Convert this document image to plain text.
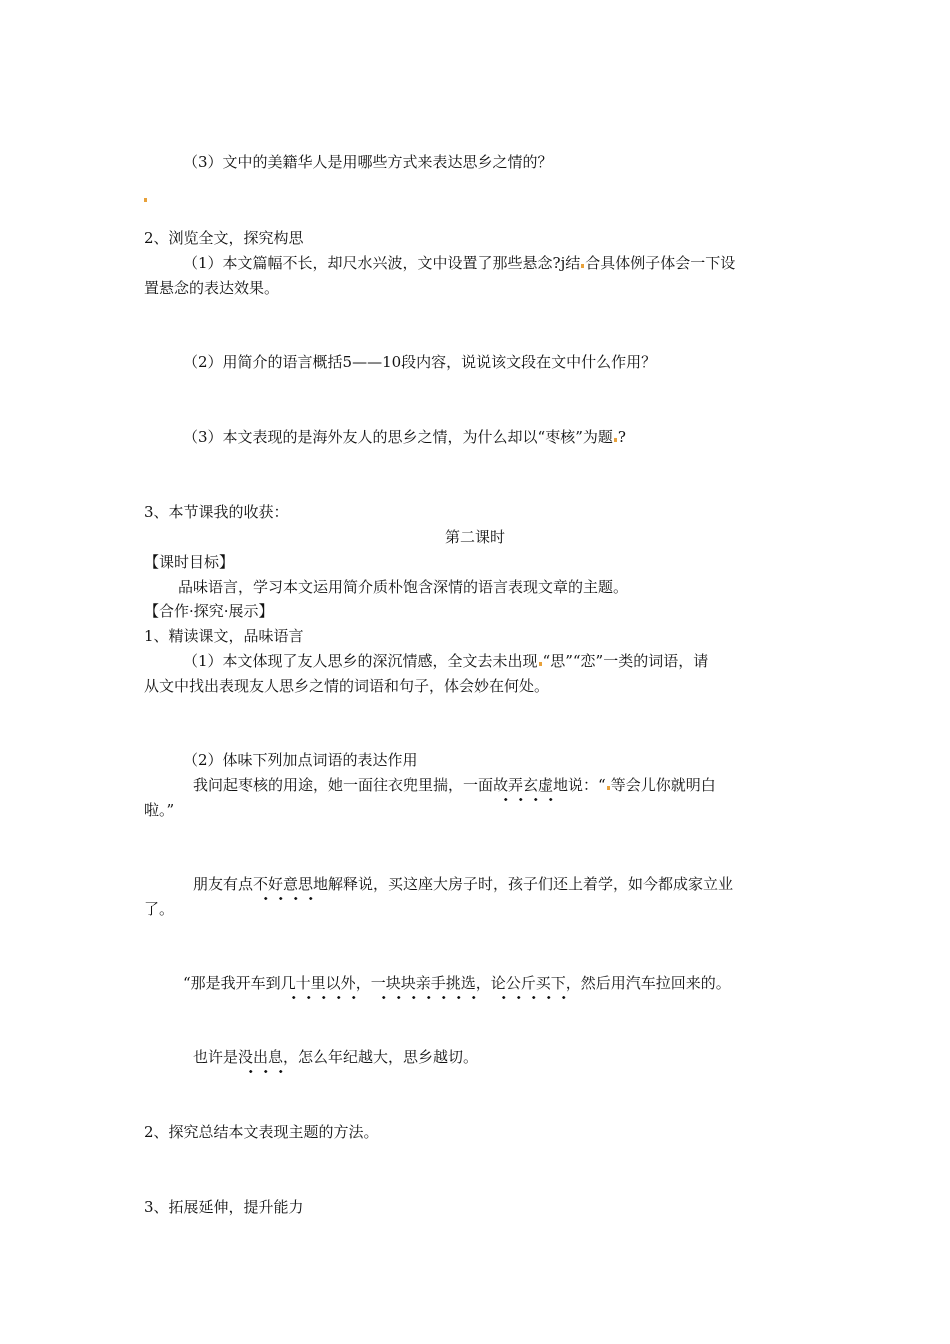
（3）文中的美籍华人是用哪些方式来表达思乡之情的？
2、浏览全文，探究构思
（1）本文篇幅不长，却尺水兴波，文中设置了那些悬念?j结 合具体例子体会一下设
置悬念的表达效果。
（2）用简介的语言概括5——10段内容，说说该文段在文中什么作用？
（3）本文表现的是海外友人的思乡之情，为什么却以“枣核”为题 ?
3、本节课我的收获：
第二课时
【课时目标】
品味语言，学习本文运用简介质朴饱含深情的语言表现文章的主题。
【合作·探究·展示】
1、精读课文，品味语言
（1）本文体现了友人思乡的深沉情感，全文去未出现 “思”“恋”一类的词语，请
从文中找出表现友人思乡之情的词语和句子，体会妙在何处。
（2）体味下列加点词语的表达作用
我问起枣核的用途，她一面往衣兜里揣，一面故弄玄虚地说：“ 等会儿你就明白
啦。”
朋友有点不好意思地解释说，买这座大房子时，孩子们还上着学，如今都成家立业
了。
“那是我开车到几十里以外，一块块亲手挑选，论公斤买下，然后用汽车拉回来的。
也许是没出息，怎么年纪越大，思乡越切。
2、探究总结本文表现主题的方法。
3、拓展延伸，提升能力
